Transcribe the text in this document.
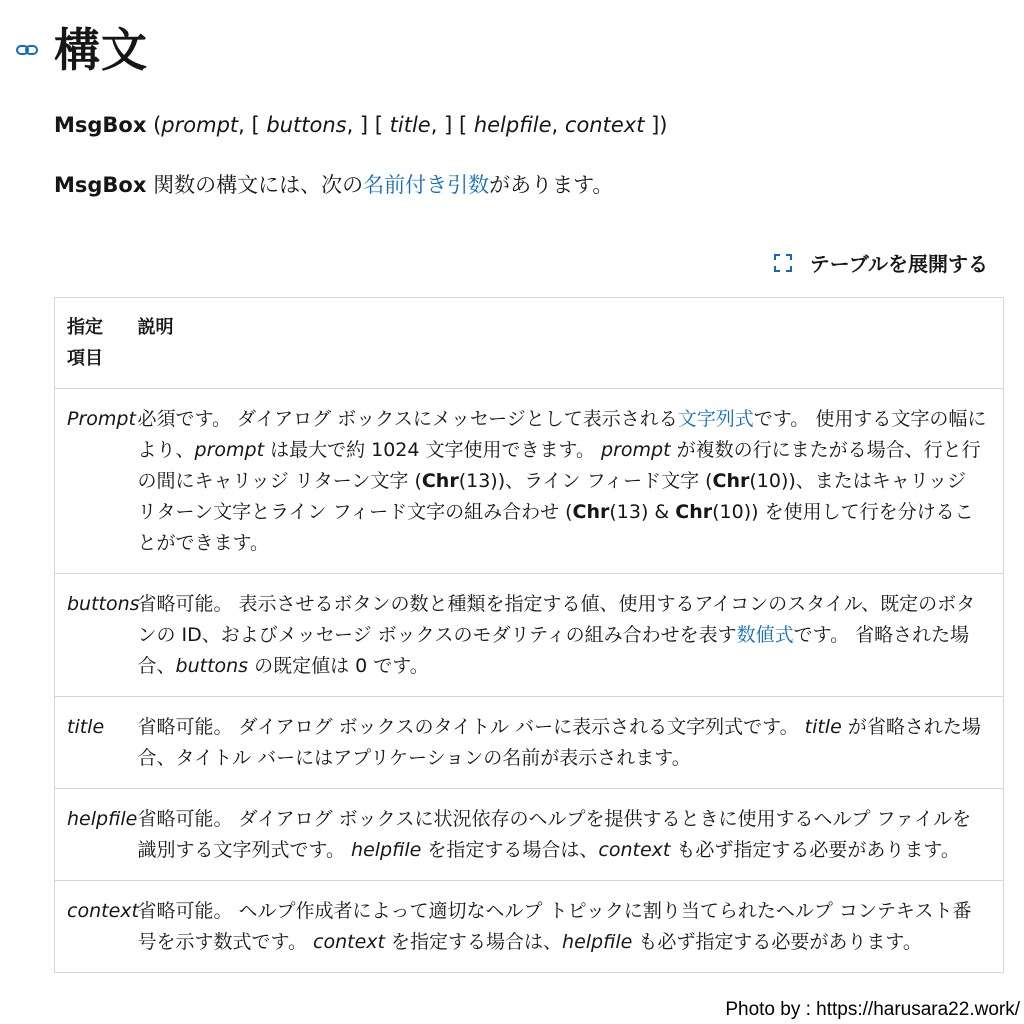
構文
MsgBox (prompt, [ buttons, ] [ title, ] [ helpfile, context ])
MsgBox 関数の構文には、次の名前付き引数があります。
テーブルを展開する
指定項目	説明
Prompt	必須です。 ダイアログ ボックスにメッセージとして表示される文字列式です。 使用する文字の幅により、prompt は最大で約 1024 文字使用できます。 prompt が複数の行にまたがる場合、行と行の間にキャリッジ リターン文字 (Chr(13))、ライン フィード文字 (Chr(10))、またはキャリッジ リターン文字とライン フィード文字の組み合わせ (Chr(13) & Chr(10)) を使用して行を分けることができます。
buttons	省略可能。 表示させるボタンの数と種類を指定する値、使用するアイコンのスタイル、既定のボタンの ID、およびメッセージ ボックスのモダリティの組み合わせを表す数値式です。 省略された場合、buttons の既定値は 0 です。
title	省略可能。 ダイアログ ボックスのタイトル バーに表示される文字列式です。 title が省略された場合、タイトル バーにはアプリケーションの名前が表示されます。
helpfile	省略可能。 ダイアログ ボックスに状況依存のヘルプを提供するときに使用するヘルプ ファイルを識別する文字列式です。 helpfile を指定する場合は、context も必ず指定する必要があります。
context	省略可能。 ヘルプ作成者によって適切なヘルプ トピックに割り当てられたヘルプ コンテキスト番号を示す数式です。 context を指定する場合は、helpfile も必ず指定する必要があります。
Photo by : https://harusara22.work/
